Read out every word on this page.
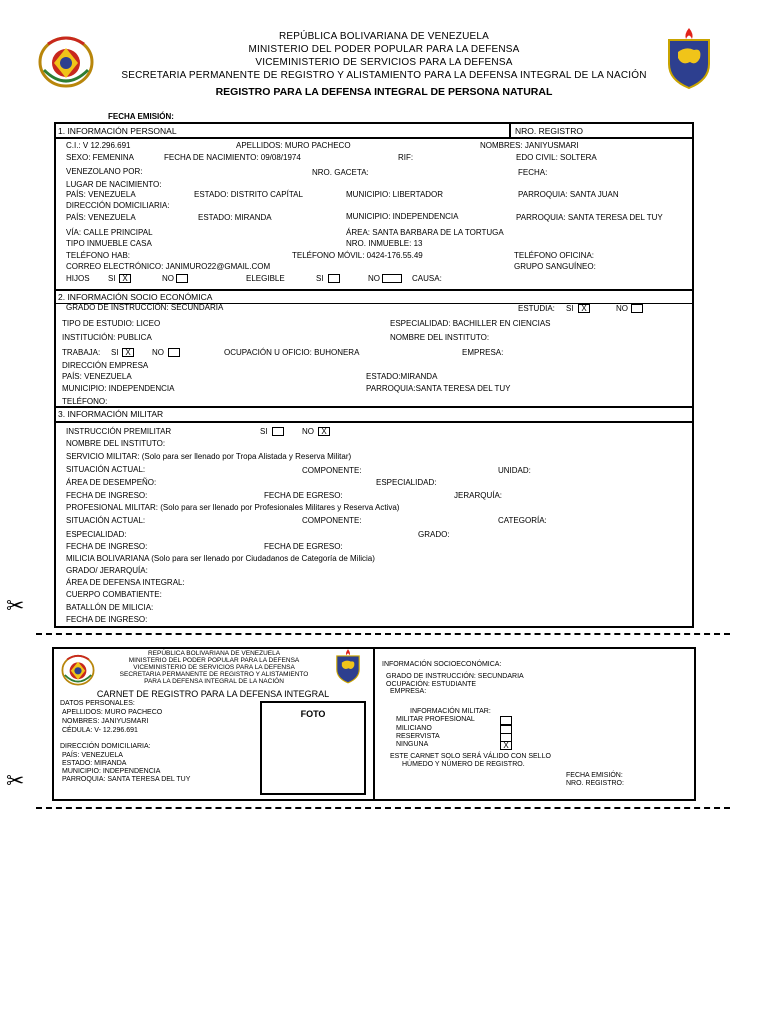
REPÚBLICA BOLIVARIANA DE VENEZUELA
MINISTERIO DEL PODER POPULAR PARA LA DEFENSA
VICEMINISTERIO DE SERVICIOS PARA LA DEFENSA
SECRETARIA PERMANENTE DE REGISTRO Y ALISTAMIENTO PARA LA DEFENSA INTEGRAL DE LA NACIÓN
REGISTRO PARA LA DEFENSA INTEGRAL DE PERSONA NATURAL
FECHA EMISIÓN:
1. INFORMACIÓN PERSONAL	NRO. REGISTRO
C.I.: V 12.296.691	APELLIDOS: MURO PACHECO	NOMBRES: JANIYUSMARI
SEXO: FEMENINA	FECHA DE NACIMIENTO: 09/08/1974	RIF:	EDO CIVIL: SOLTERA
VENEZOLANO POR:	NRO. GACETA:	FECHA:
LUGAR DE NACIMIENTO:
PAÍS: VENEZUELA	ESTADO: DISTRITO CAPÍTAL	MUNICIPIO: LIBERTADOR	PARROQUIA: SANTA JUAN
DIRECCIÓN DOMICILIARIA:
PAÍS: VENEZUELA	ESTADO: MIRANDA	MUNICIPIO: INDEPENDENCIA	PARROQUIA: SANTA TERESA DEL TUY
VÍA: CALLE PRINCIPAL	ÁREA: SANTA BARBARA DE LA TORTUGA
TIPO INMUEBLE CASA	NRO. INMUEBLE: 13
TELÉFONO HAB:	TELÉFONO MÓVIL: 0424-176.55.49	TELÉFONO OFICINA:
CORREO ELECTRÓNICO: JANIMURO22@GMAIL.COM	GRUPO SANGUÍNEO:
HIJOS SI X	NO	ELEGIBLE	SI	NO	CAUSA:
2. INFORMACIÓN SOCIO ECONÓMICA
GRADO DE INSTRUCCIÓN: SECUNDARIA	ESTUDIA: SI X	NO
TIPO DE ESTUDIO: LICEO	ESPECIALIDAD: BACHILLER EN CIENCIAS
INSTITUCIÓN: PUBLICA	NOMBRE DEL INSTITUTO:
TRABAJA: SI X	NO	OCUPACIÓN U OFICIO: BUHONERA	EMPRESA:
DIRECCIÓN EMPRESA
PAÍS: VENEZUELA	ESTADO:MIRANDA
MUNICIPIO: INDEPENDENCIA	PARROQUIA:SANTA TERESA DEL TUY
TELÉFONO:
3. INFORMACIÓN MILITAR
INSTRUCCIÓN PREMILITAR	SI	NO X
NOMBRE DEL INSTITUTO:
SERVICIO MILITAR: (Solo para ser llenado por Tropa Alistada y Reserva Militar)
SITUACIÓN ACTUAL:	COMPONENTE:	UNIDAD:
ÁREA DE DESEMPEÑO:	ESPECIALIDAD:
FECHA DE INGRESO:	FECHA DE EGRESO:	JERARQUÍA:
PROFESIONAL MILITAR: (Solo para ser llenado por Profesionales Militares y Reserva Activa)
SITUACIÓN ACTUAL:	COMPONENTE:	CATEGORÍA:
ESPECIALIDAD:	GRADO:
FECHA DE INGRESO:	FECHA DE EGRESO:
MILICIA BOLIVARIANA (Solo para ser llenado por Ciudadanos de Categoría de Milicia)
GRADO/ JERARQUÍA:
ÁREA DE DEFENSA INTEGRAL:
CUERPO COMBATIENTE:
BATALLÓN DE MILICIA:
FECHA DE INGRESO:
✂
REPÚBLICA BOLIVARIANA DE VENEZUELA
MINISTERIO DEL PODER POPULAR PARA LA DEFENSA
VICEMINISTERIO DE SERVICIOS PARA LA DEFENSA
SECRETARIA PERMANENTE DE REGISTRO Y ALISTAMIENTO
PARA LA DEFENSA INTEGRAL DE LA NACIÓN
CARNET DE REGISTRO PARA LA DEFENSA INTEGRAL
DATOS PERSONALES:
APELLIDOS: MURO PACHECO
NOMBRES: JANIYUSMARI
CÉDULA: V- 12.296.691
DIRECCIÓN DOMICILIARIA:
PAÍS: VENEZUELA
ESTADO: MIRANDA
MUNICIPIO: INDEPENDENCIA
PARROQUIA: SANTA TERESA DEL TUY
FOTO
INFORMACIÓN SOCIOECONÓMICA:
GRADO DE INSTRUCCIÓN: SECUNDARIA
OCUPACIÓN: ESTUDIANTE
EMPRESA:
INFORMACIÓN MILITAR:
MILITAR PROFESIONAL
MILICIANO
RESERVISTA
NINGUNA	X
ESTE CARNET SOLO SERÁ VÁLIDO CON SELLO
HÚMEDO Y NÚMERO DE REGISTRO.
FECHA EMISIÓN:
NRO. REGISTRO:
✂
